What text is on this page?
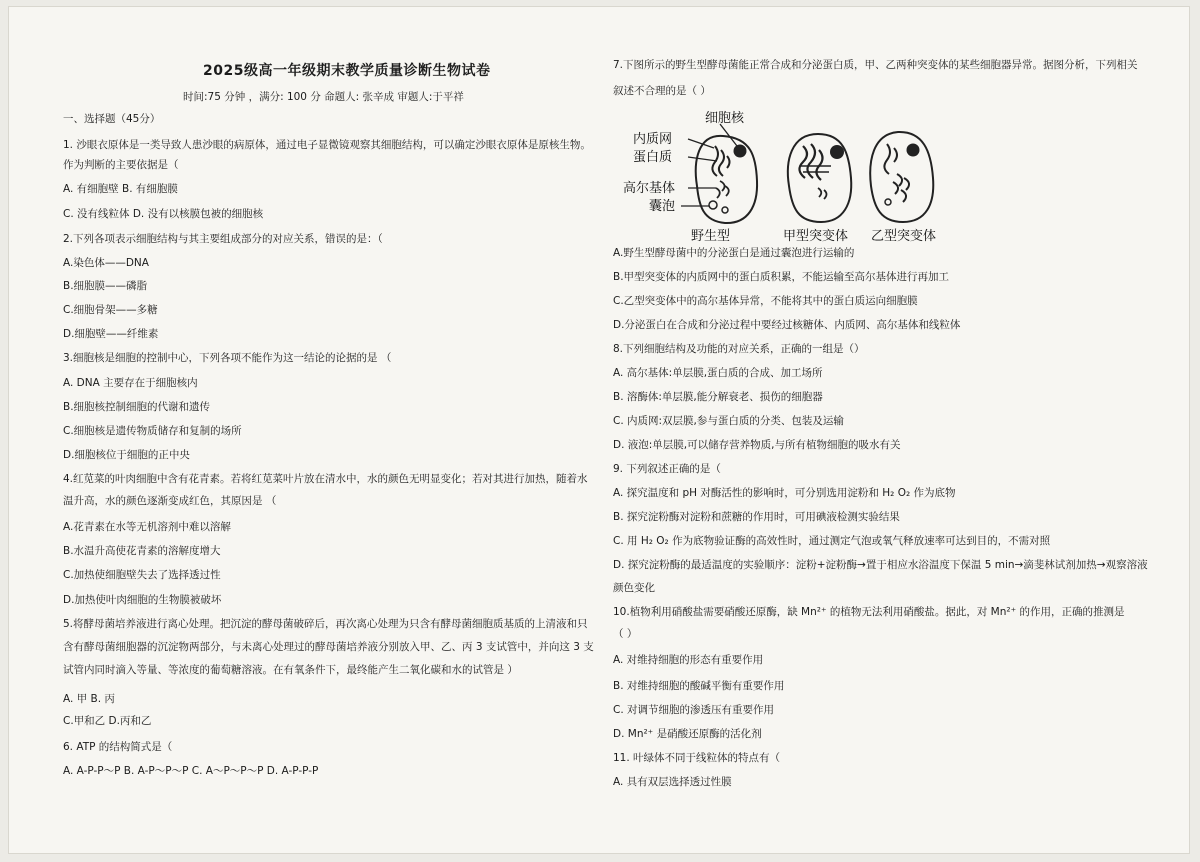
2025级高一年级期末教学质量诊断生物试卷
时间:75 分钟 ，满分: 100 分 命题人: 张辛成 审题人:于平祥
一、选择题（45分）
1. 沙眼衣原体是一类导致人患沙眼的病原体，通过电子显微镜观察其细胞结构，可以确定沙眼衣原体是原核生物。
作为判断的主要依据是（
A. 有细胞壁 B. 有细胞膜
C. 没有线粒体 D. 没有以核膜包被的细胞核
2.下列各项表示细胞结构与其主要组成部分的对应关系，错误的是：（
A.染色体——DNA
B.细胞膜——磷脂
C.细胞骨架——多糖
D.细胞壁——纤维素
3.细胞核是细胞的控制中心，下列各项不能作为这一结论的论据的是 （
A. DNA 主要存在于细胞核内
B.细胞核控制细胞的代谢和遗传
C.细胞核是遗传物质储存和复制的场所
D.细胞核位于细胞的正中央
4.红苋菜的叶肉细胞中含有花青素。若将红苋菜叶片放在清水中，水的颜色无明显变化；若对其进行加热，随着水
温升高，水的颜色逐渐变成红色，其原因是 （
A.花青素在水等无机溶剂中难以溶解
B.水温升高使花青素的溶解度增大
C.加热使细胞壁失去了选择透过性
D.加热使叶肉细胞的生物膜被破坏
5.将酵母菌培养液进行离心处理。把沉淀的酵母菌破碎后，再次离心处理为只含有酵母菌细胞质基质的上清液和只
含有酵母菌细胞器的沉淀物两部分，与未离心处理过的酵母菌培养液分别放入甲、乙、丙 3 支试管中，并向这 3 支
试管内同时滴入等量、等浓度的葡萄糖溶液。在有氧条件下，最终能产生二氧化碳和水的试管是 ）
A. 甲 B. 丙
C.甲和乙 D.丙和乙
6. ATP 的结构简式是（
A. A-P-P～P B. A-P～P～P C. A～P～P～P D. A-P-P-P
7.下图所示的野生型酵母菌能正常合成和分泌蛋白质，甲、乙两种突变体的某些细胞器异常。据图分析，下列相关
叙述不合理的是（ ）
细胞核
内质网
蛋白质
高尔基体
囊泡
野生型	甲型突变体 乙型突变体
A.野生型酵母菌中的分泌蛋白是通过囊泡进行运输的
B.甲型突变体的内质网中的蛋白质积累，不能运输至高尔基体进行再加工
C.乙型突变体中的高尔基体异常，不能将其中的蛋白质运向细胞膜
D.分泌蛋白在合成和分泌过程中要经过核糖体、内质网、高尔基体和线粒体
8.下列细胞结构及功能的对应关系，正确的一组是（）
A. 高尔基体:单层膜,蛋白质的合成、加工场所
B. 溶酶体:单层膜,能分解衰老、损伤的细胞器
C. 内质网:双层膜,参与蛋白质的分类、包装及运输
D. 液泡:单层膜,可以储存营养物质,与所有植物细胞的吸水有关
9. 下列叙述正确的是（
A. 探究温度和 pH 对酶活性的影响时，可分别选用淀粉和 H₂ O₂ 作为底物
B. 探究淀粉酶对淀粉和蔗糖的作用时，可用碘液检测实验结果
C. 用 H₂ O₂ 作为底物验证酶的高效性时，通过测定气泡或氧气释放速率可达到目的，不需对照
D. 探究淀粉酶的最适温度的实验顺序：淀粉+淀粉酶→置于相应水浴温度下保温 5 min→滴斐林试剂加热→观察溶液
颜色变化
10.植物利用硝酸盐需要硝酸还原酶，缺 Mn²⁺ 的植物无法利用硝酸盐。据此，对 Mn²⁺ 的作用，正确的推测是
（ ）
A. 对维持细胞的形态有重要作用
B. 对维持细胞的酸碱平衡有重要作用
C. 对调节细胞的渗透压有重要作用
D. Mn²⁺ 是硝酸还原酶的活化剂
11. 叶绿体不同于线粒体的特点有（
A. 具有双层选择透过性膜
